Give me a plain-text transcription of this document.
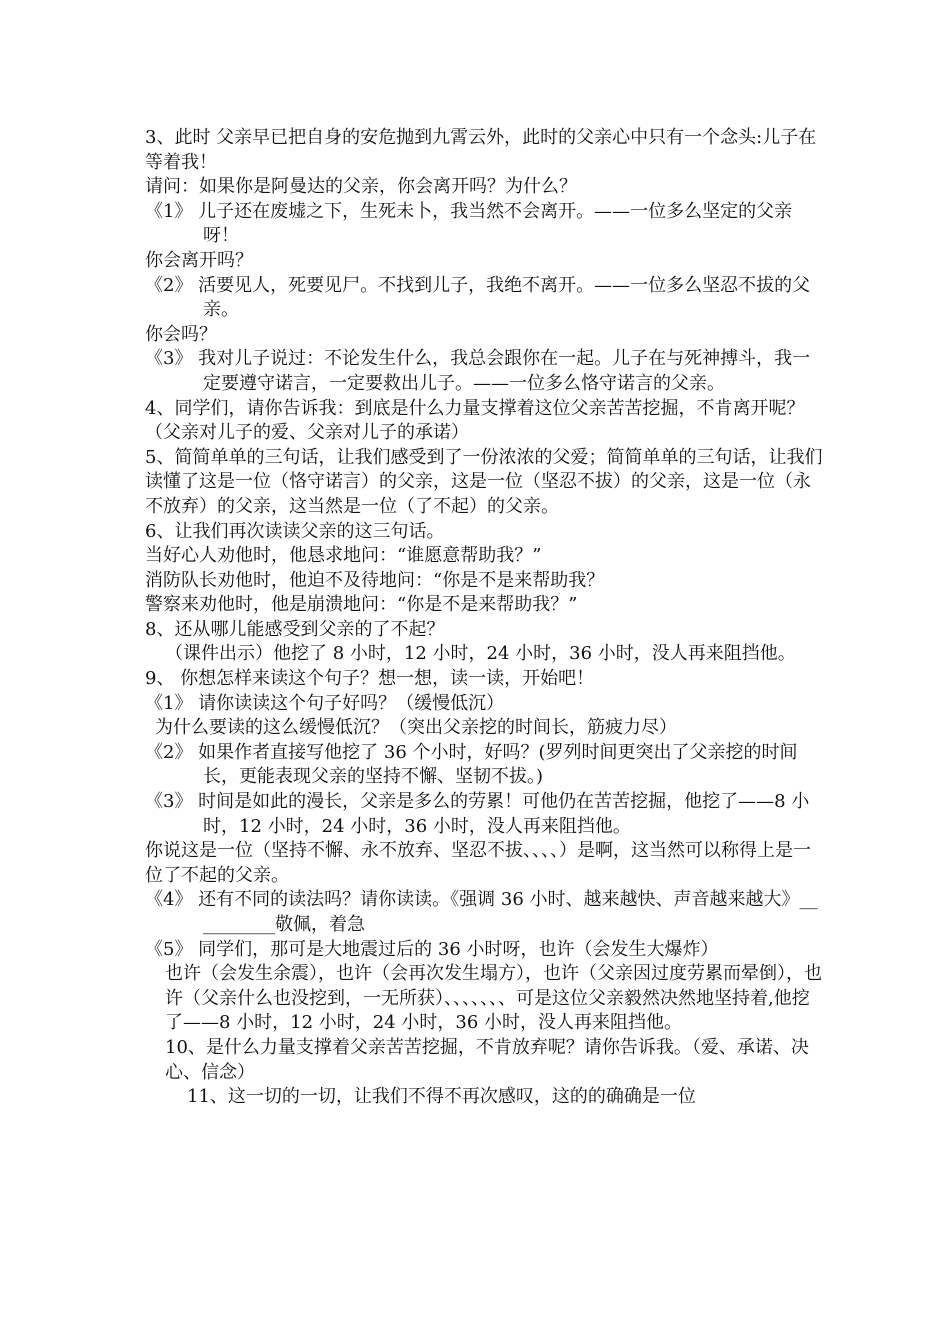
3、此时 父亲早已把自身的安危抛到九霄云外，此时的父亲心中只有一个念头:儿子在等着我！

请问：如果你是阿曼达的父亲，你会离开吗？为什么？

《1》 儿子还在废墟之下，生死未卜，我当然不会离开。——一位多么坚定的父亲呀！

你会离开吗？

《2》 活要见人，死要见尸。不找到儿子，我绝不离开。——一位多么坚忍不拔的父亲。

你会吗？

《3》 我对儿子说过：不论发生什么，我总会跟你在一起。儿子在与死神搏斗，我一定要遵守诺言，一定要救出儿子。——一位多么恪守诺言的父亲。

4、同学们，请你告诉我：到底是什么力量支撑着这位父亲苦苦挖掘，不肯离开呢？（父亲对儿子的爱、父亲对儿子的承诺）

5、简简单单的三句话，让我们感受到了一份浓浓的父爱；简简单单的三句话，让我们读懂了这是一位（恪守诺言）的父亲，这是一位（坚忍不拔）的父亲，这是一位（永不放弃）的父亲，这当然是一位（了不起）的父亲。

6、让我们再次读读父亲的这三句话。

当好心人劝他时，他恳求地问：“谁愿意帮助我？”

消防队长劝他时，他迫不及待地问：“你是不是来帮助我？

警察来劝他时，他是崩溃地问：“你是不是来帮助我？”

8、还从哪儿能感受到父亲的了不起？

（课件出示）他挖了 8 小时，12 小时，24 小时，36 小时，没人再来阻挡他。

9、 你想怎样来读这个句子？想一想，读一读，开始吧！

《1》 请你读读这个句子好吗？（缓慢低沉）

为什么要读的这么缓慢低沉？（突出父亲挖的时间长，筋疲力尽）

《2》 如果作者直接写他挖了 36 个小时，好吗？(罗列时间更突出了父亲挖的时间长，更能表现父亲的坚持不懈、坚韧不拔。)

《3》 时间是如此的漫长，父亲是多么的劳累！可他仍在苦苦挖掘，他挖了——8 小时，12 小时，24 小时，36 小时，没人再来阻挡他。

你说这是一位（坚持不懈、永不放弃、坚忍不拔、、、、）是啊，这当然可以称得上是一位了不起的父亲。

《4》 还有不同的读法吗？请你读读。《强调 36 小时、越来越快、声音越来越大》__________敬佩，着急

《5》 同学们，那可是大地震过后的 36 小时呀，也许（会发生大爆炸）

也许（会发生余震），也许（会再次发生塌方），也许（父亲因过度劳累而晕倒），也许（父亲什么也没挖到，一无所获）、、、、、、、可是这位父亲毅然决然地坚持着,他挖了——8 小时，12 小时，24 小时，36 小时，没人再来阻挡他。

10、是什么力量支撑着父亲苦苦挖掘，不肯放弃呢？请你告诉我。（爱、承诺、决心、信念）

11、这一切的一切，让我们不得不再次感叹，这的的确确是一位
